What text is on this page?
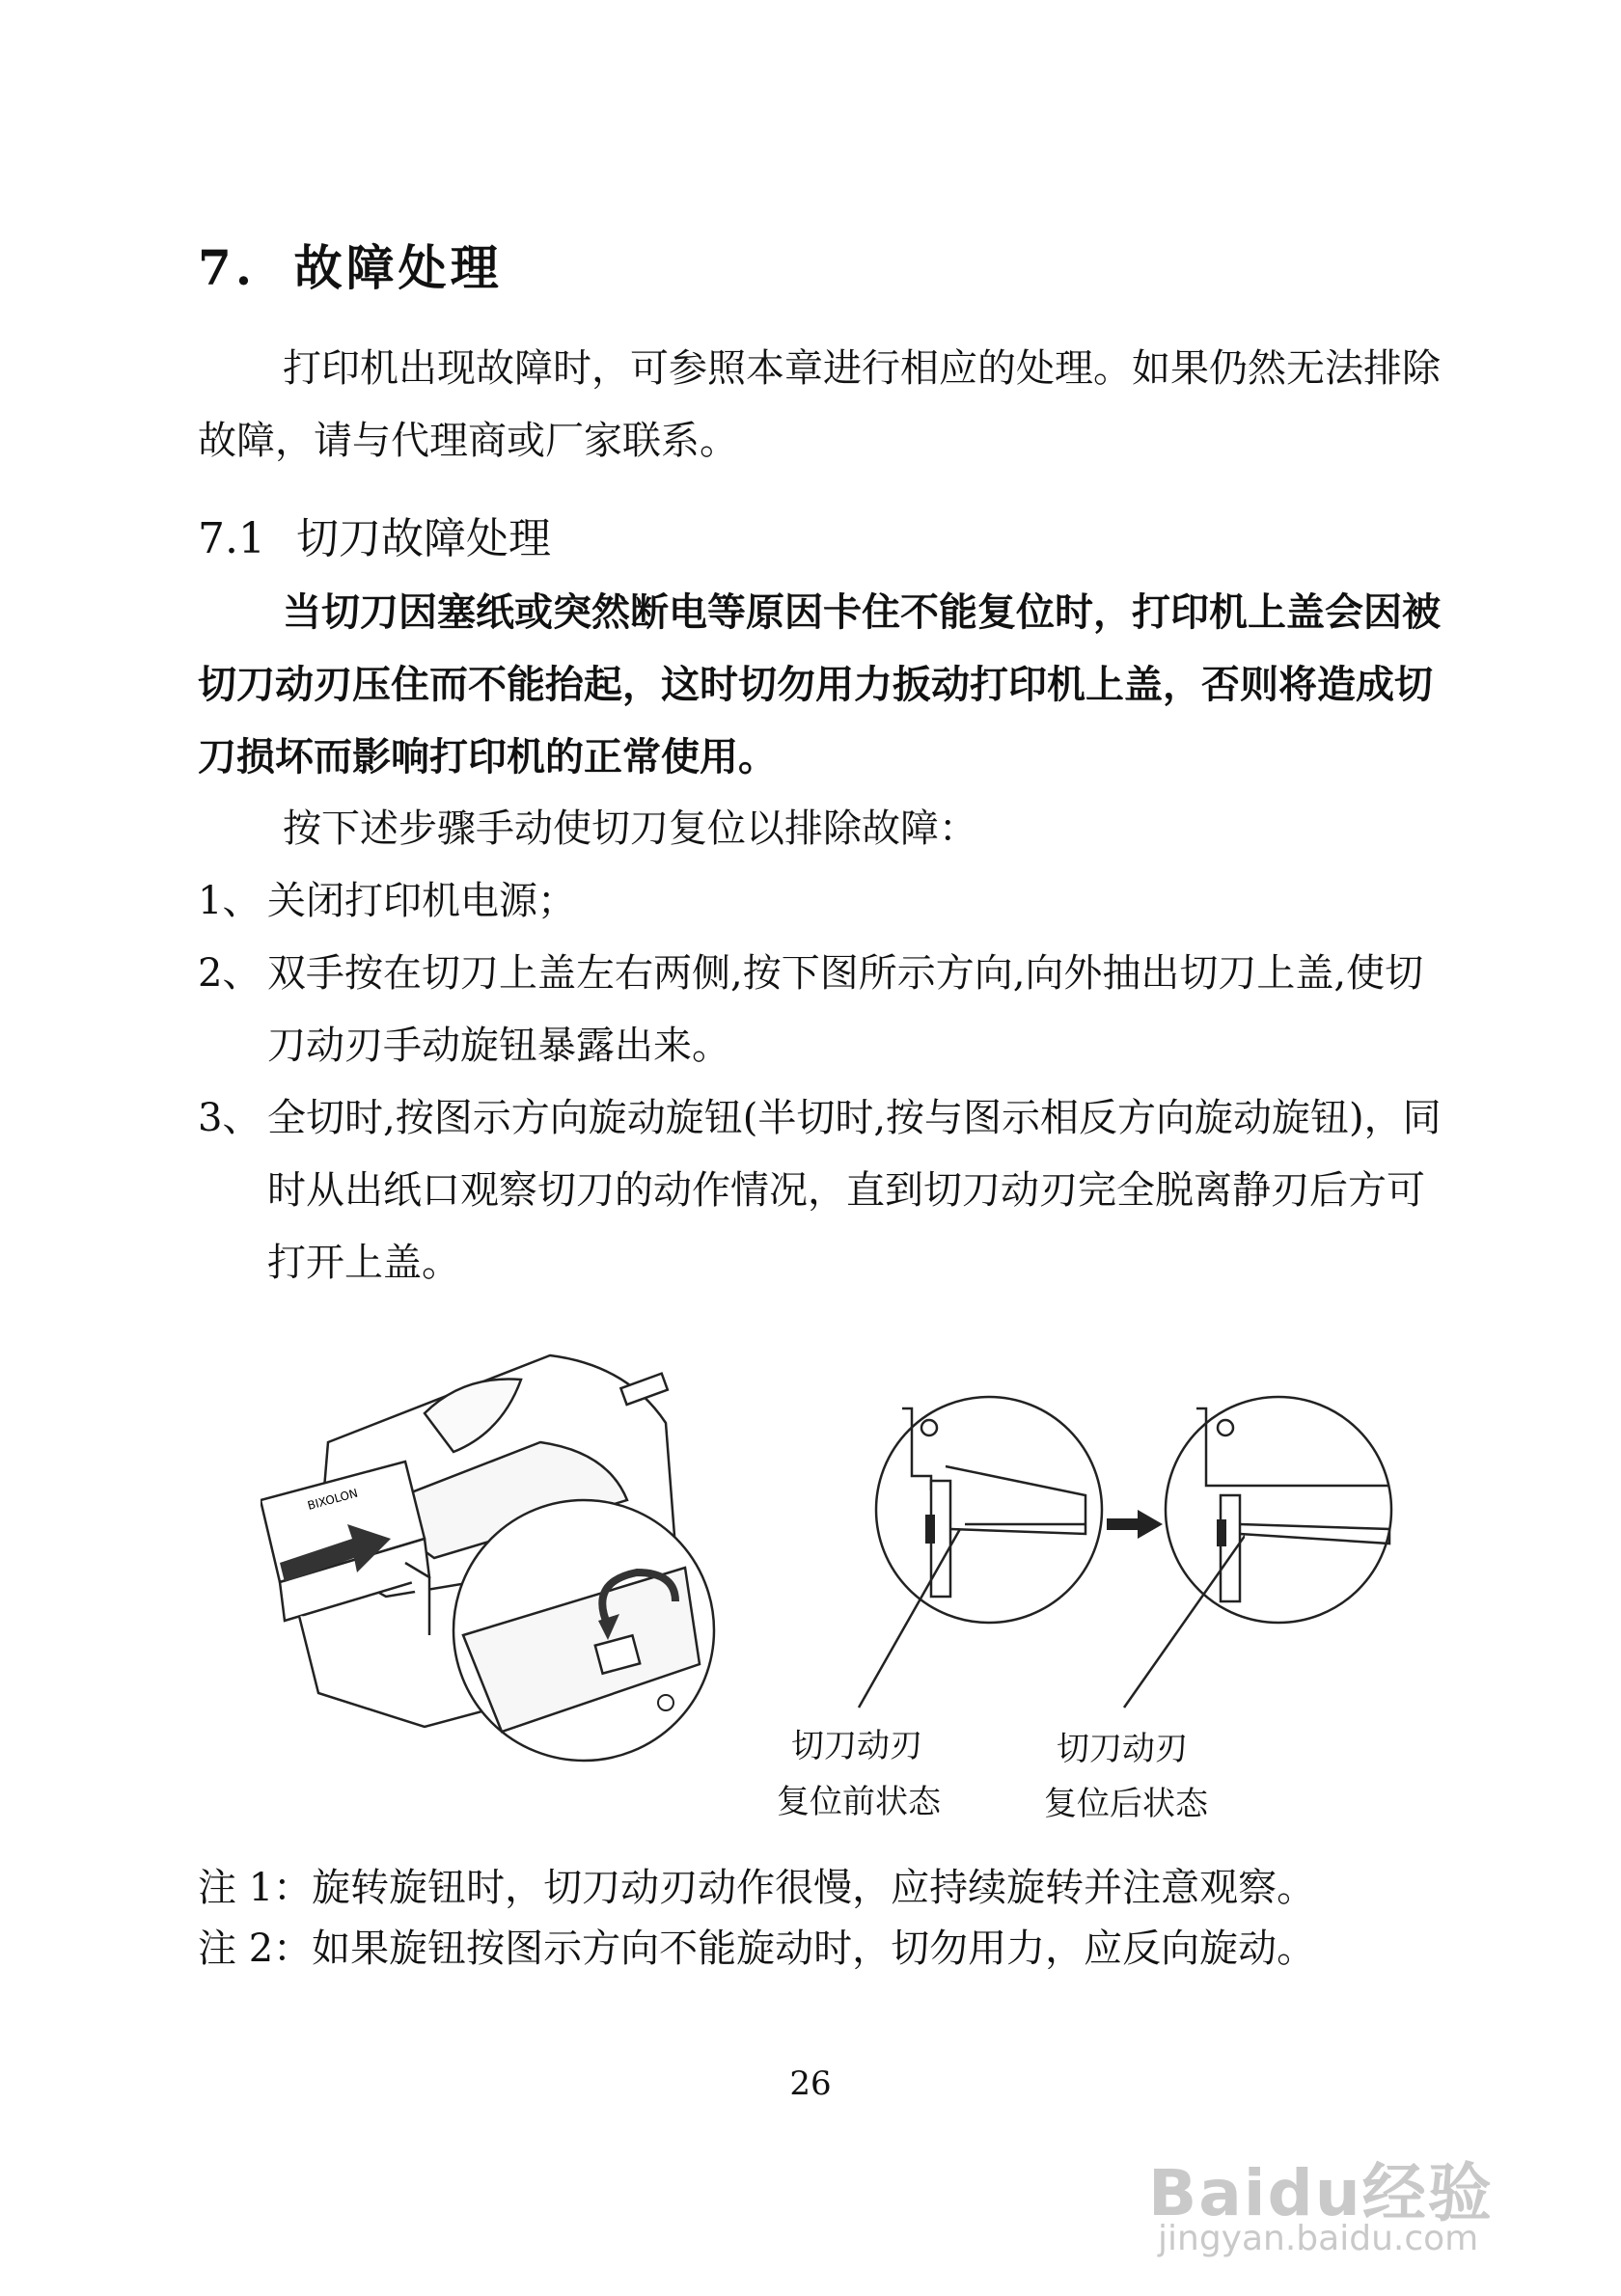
7. 故障处理
打印机出现故障时，可参照本章进行相应的处理。如果仍然无法排除故障，请与代理商或厂家联系。
7.1 切刀故障处理
当切刀因塞纸或突然断电等原因卡住不能复位时，打印机上盖会因被切刀动刃压住而不能抬起，这时切勿用力扳动打印机上盖，否则将造成切刀损坏而影响打印机的正常使用。
按下述步骤手动使切刀复位以排除故障：
1、 关闭打印机电源；
2、 双手按在切刀上盖左右两侧,按下图所示方向,向外抽出切刀上盖,使切刀动刃手动旋钮暴露出来。
3、 全切时,按图示方向旋动旋钮(半切时,按与图示相反方向旋动旋钮)，同时从出纸口观察切刀的动作情况，直到切刀动刃完全脱离静刃后方可打开上盖。
BIXOLON
切刀动刃
复位前状态
切刀动刃
复位后状态
注 1：旋转旋钮时，切刀动刃动作很慢，应持续旋转并注意观察。
注 2：如果旋钮按图示方向不能旋动时，切勿用力，应反向旋动。
26
Baidu经验
jingyan.baidu.com
